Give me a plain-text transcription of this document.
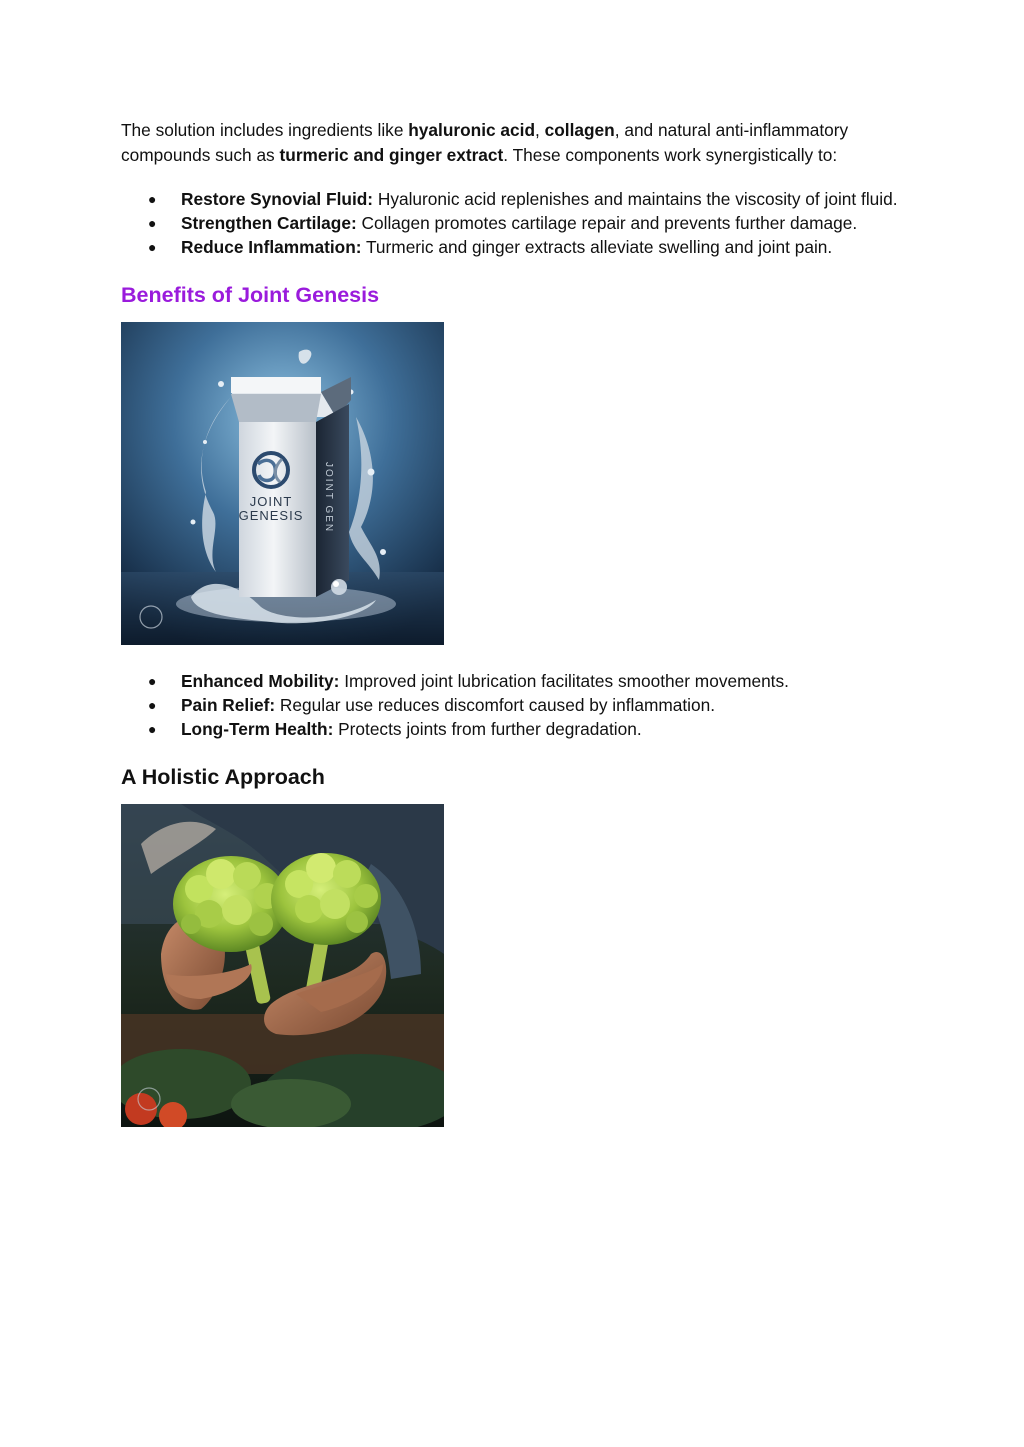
The solution includes ingredients like hyaluronic acid, collagen, and natural anti-inflammatory compounds such as turmeric and ginger extract. These components work synergistically to:

● Restore Synovial Fluid: Hyaluronic acid replenishes and maintains the viscosity of joint fluid.
● Strengthen Cartilage: Collagen promotes cartilage repair and prevents further damage.
● Reduce Inflammation: Turmeric and ginger extracts alleviate swelling and joint pain.
Benefits of Joint Genesis
JOINT
GENESIS JOINT GEN
● Enhanced Mobility: Improved joint lubrication facilitates smoother movements.
● Pain Relief: Regular use reduces discomfort caused by inflammation.
● Long-Term Health: Protects joints from further degradation.
A Holistic Approach
